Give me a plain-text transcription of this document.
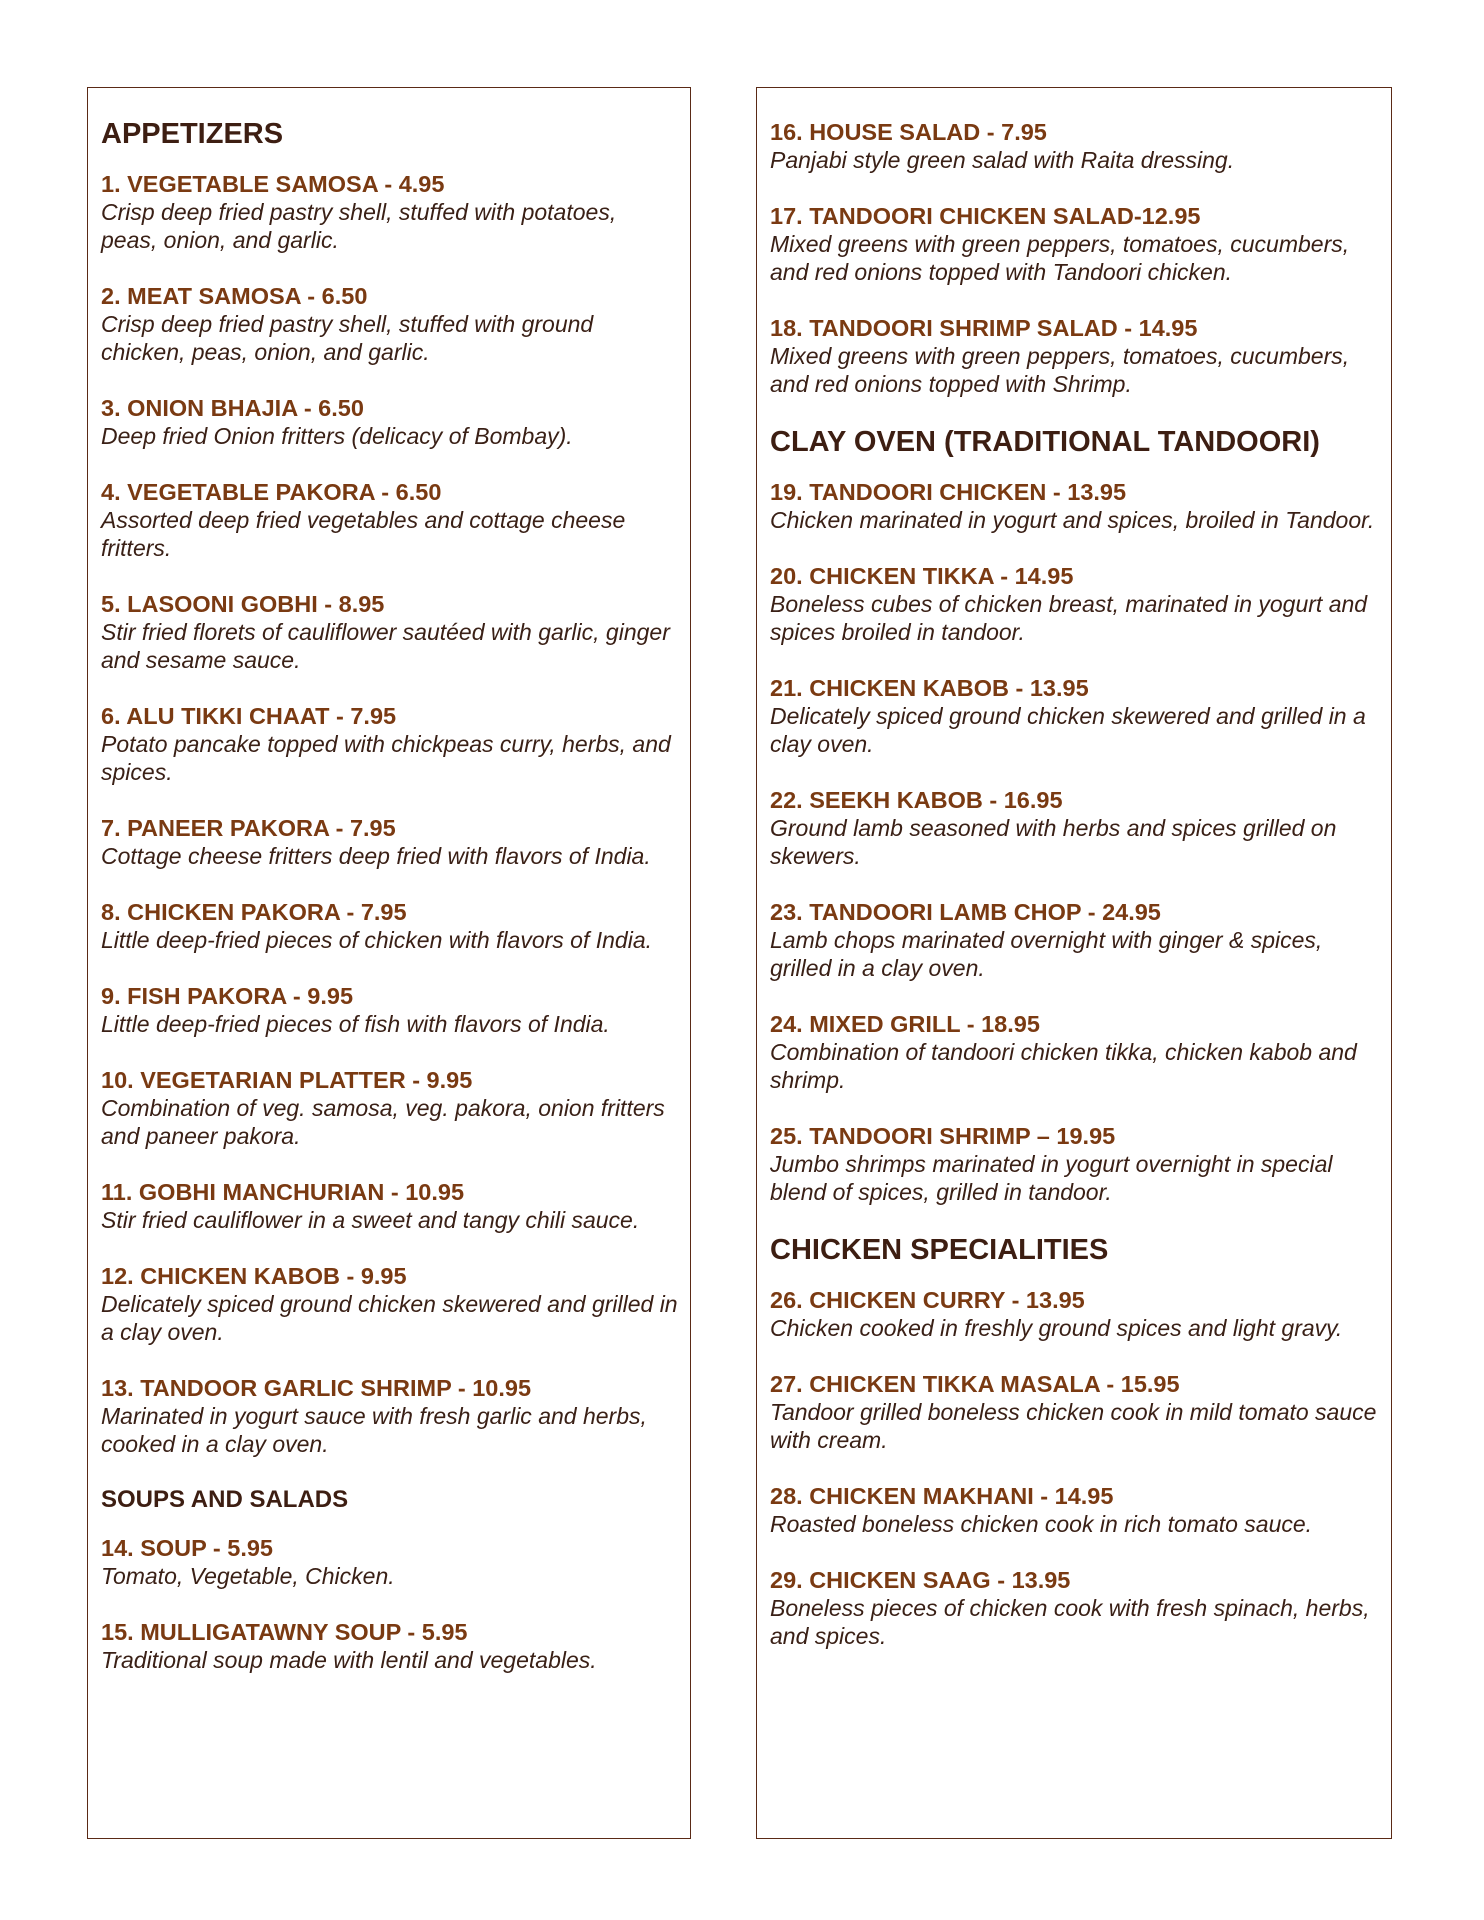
APPETIZERS
1. VEGETABLE SAMOSA - 4.95
Crisp deep fried pastry shell, stuffed with potatoes, peas, onion, and garlic.
2. MEAT SAMOSA - 6.50
Crisp deep fried pastry shell, stuffed with ground chicken, peas, onion, and garlic.
3. ONION BHAJIA - 6.50
Deep fried Onion fritters (delicacy of Bombay).
4. VEGETABLE PAKORA - 6.50
Assorted deep fried vegetables and cottage cheese fritters.
5. LASOONI GOBHI - 8.95
Stir fried florets of cauliflower sautéed with garlic, ginger and sesame sauce.
6. ALU TIKKI CHAAT - 7.95
Potato pancake topped with chickpeas curry, herbs, and spices.
7. PANEER PAKORA - 7.95
Cottage cheese fritters deep fried with flavors of India.
8. CHICKEN PAKORA - 7.95
Little deep-fried pieces of chicken with flavors of India.
9. FISH PAKORA - 9.95
Little deep-fried pieces of fish with flavors of India.
10. VEGETARIAN PLATTER - 9.95
Combination of veg. samosa, veg. pakora, onion fritters and paneer pakora.
11. GOBHI MANCHURIAN - 10.95
Stir fried cauliflower in a sweet and tangy chili sauce.
12. CHICKEN KABOB - 9.95
Delicately spiced ground chicken skewered and grilled in a clay oven.
13. TANDOOR GARLIC SHRIMP - 10.95
Marinated in yogurt sauce with fresh garlic and herbs, cooked in a clay oven.
SOUPS AND SALADS
14. SOUP - 5.95
Tomato, Vegetable, Chicken.
15. MULLIGATAWNY SOUP - 5.95
Traditional soup made with lentil and vegetables.
16. HOUSE SALAD - 7.95
Panjabi style green salad with Raita dressing.
17. TANDOORI CHICKEN SALAD-12.95
Mixed greens with green peppers, tomatoes, cucumbers, and red onions topped with Tandoori chicken.
18. TANDOORI SHRIMP SALAD - 14.95
Mixed greens with green peppers, tomatoes, cucumbers, and red onions topped with Shrimp.
CLAY OVEN (TRADITIONAL TANDOORI)
19. TANDOORI CHICKEN - 13.95
Chicken marinated in yogurt and spices, broiled in Tandoor.
20. CHICKEN TIKKA - 14.95
Boneless cubes of chicken breast, marinated in yogurt and spices broiled in tandoor.
21. CHICKEN KABOB - 13.95
Delicately spiced ground chicken skewered and grilled in a clay oven.
22. SEEKH KABOB - 16.95
Ground lamb seasoned with herbs and spices grilled on skewers.
23. TANDOORI LAMB CHOP - 24.95
Lamb chops marinated overnight with ginger & spices, grilled in a clay oven.
24. MIXED GRILL - 18.95
Combination of tandoori chicken tikka, chicken kabob and shrimp.
25. TANDOORI SHRIMP – 19.95
Jumbo shrimps marinated in yogurt overnight in special blend of spices, grilled in tandoor.
CHICKEN SPECIALITIES
26. CHICKEN CURRY - 13.95
Chicken cooked in freshly ground spices and light gravy.
27. CHICKEN TIKKA MASALA - 15.95
Tandoor grilled boneless chicken cook in mild tomato sauce with cream.
28. CHICKEN MAKHANI - 14.95
Roasted boneless chicken cook in rich tomato sauce.
29. CHICKEN SAAG - 13.95
Boneless pieces of chicken cook with fresh spinach, herbs, and spices.
